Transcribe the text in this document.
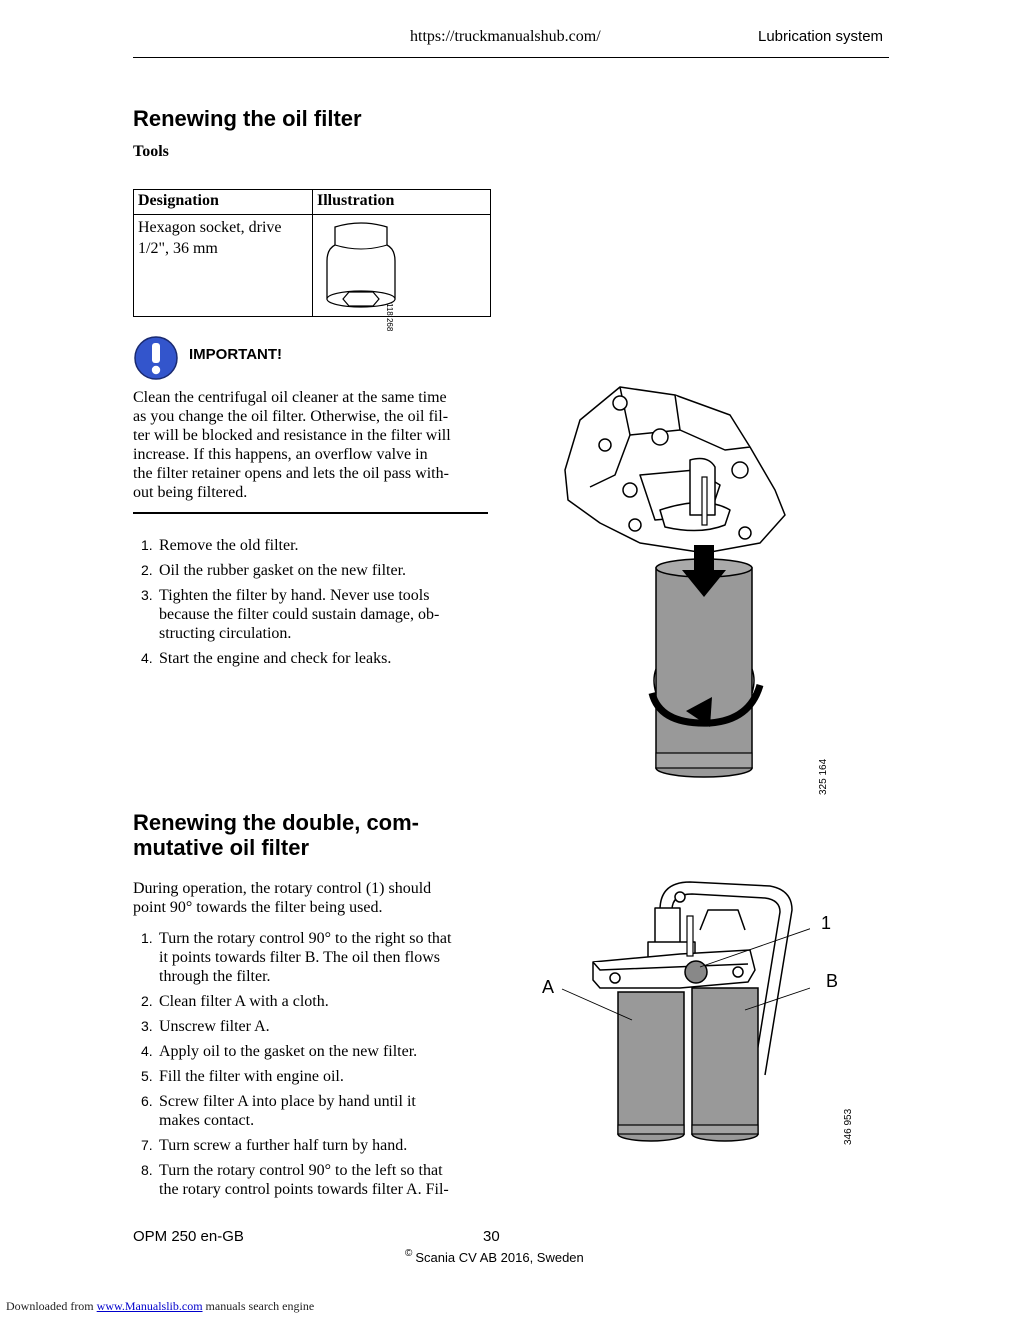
https://truckmanualshub.com/	Lubrication system
Renewing the oil filter
Tools
Designation	Illustration

Hexagon socket, drive
1/2", 36 mm	118 268
IMPORTANT!
Clean the centrifugal oil cleaner at the same time
as you change the oil filter. Otherwise, the oil fil-
ter will be blocked and resistance in the filter will
increase. If this happens, an overflow valve in
the filter retainer opens and lets the oil pass with-
out being filtered.
1. Remove the old filter.
2. Oil the rubber gasket on the new filter.
3. Tighten the filter by hand. Never use tools
because the filter could sustain damage, ob-
structing circulation.
4. Start the engine and check for leaks.
325 164
Renewing the double, com-
mutative oil filter
During operation, the rotary control (1) should
point 90° towards the filter being used.
1. Turn the rotary control 90° to the right so that
it points towards filter B. The oil then flows
through the filter.
2. Clean filter A with a cloth.
3. Unscrew filter A.
4. Apply oil to the gasket on the new filter.
5. Fill the filter with engine oil.
6. Screw filter A into place by hand until it
makes contact.
7. Turn screw a further half turn by hand.
8. Turn the rotary control 90° to the left so that
the rotary control points towards filter A. Fil-
1
A	B
346 953
OPM 250 en-GB	30
© Scania CV AB 2016, Sweden
Downloaded from www.Manualslib.com manuals search engine
